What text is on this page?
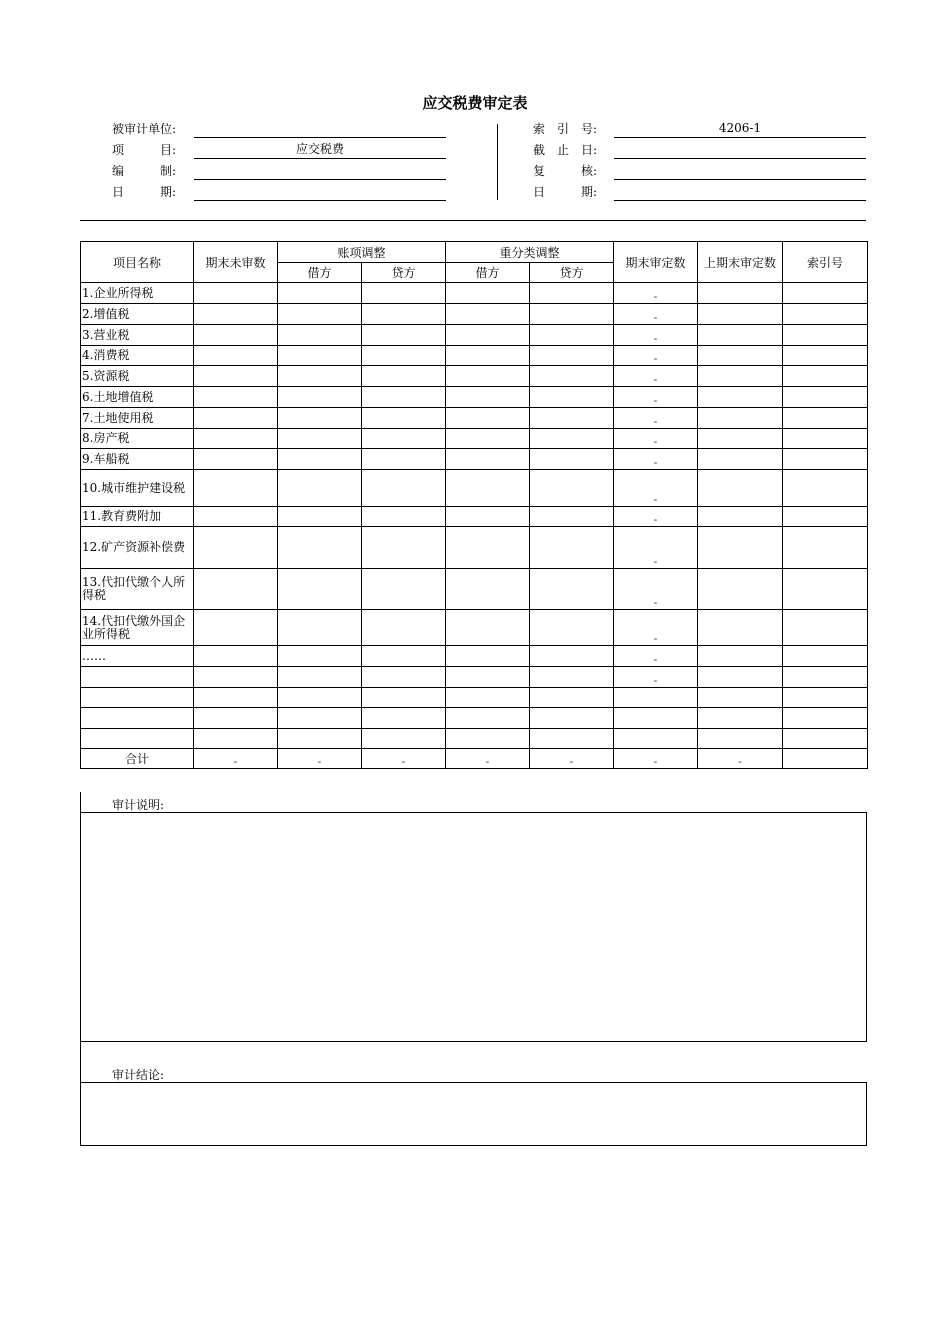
应交税费审定表
被审计单位:
项　　　目:	应交税费
编　　　制:
日　　　期:
索　引　号:	4206-1
截　止　日:
复　　　核:
日　　　期:
项目名称	期末未审数	账项调整		重分类调整		期末审定数	上期末审定数	索引号
		借方	贷方	借方	贷方			
1.企业所得税						-		
2.增值税						-		
3.营业税						-		
4.消费税						-		
5.资源税						-		
6.土地增值税						-		
7.土地使用税						-		
8.房产税						-		
9.车船税						-		
10.城市维护建设税						-		
11.教育费附加						-		
12.矿产资源补偿费						-		
13.代扣代缴个人所得税						-		
14.代扣代缴外国企业所得税						-		
……						-		
						-		

合计	-	-	-	-	-	-	-	
审计说明:
审计结论:
